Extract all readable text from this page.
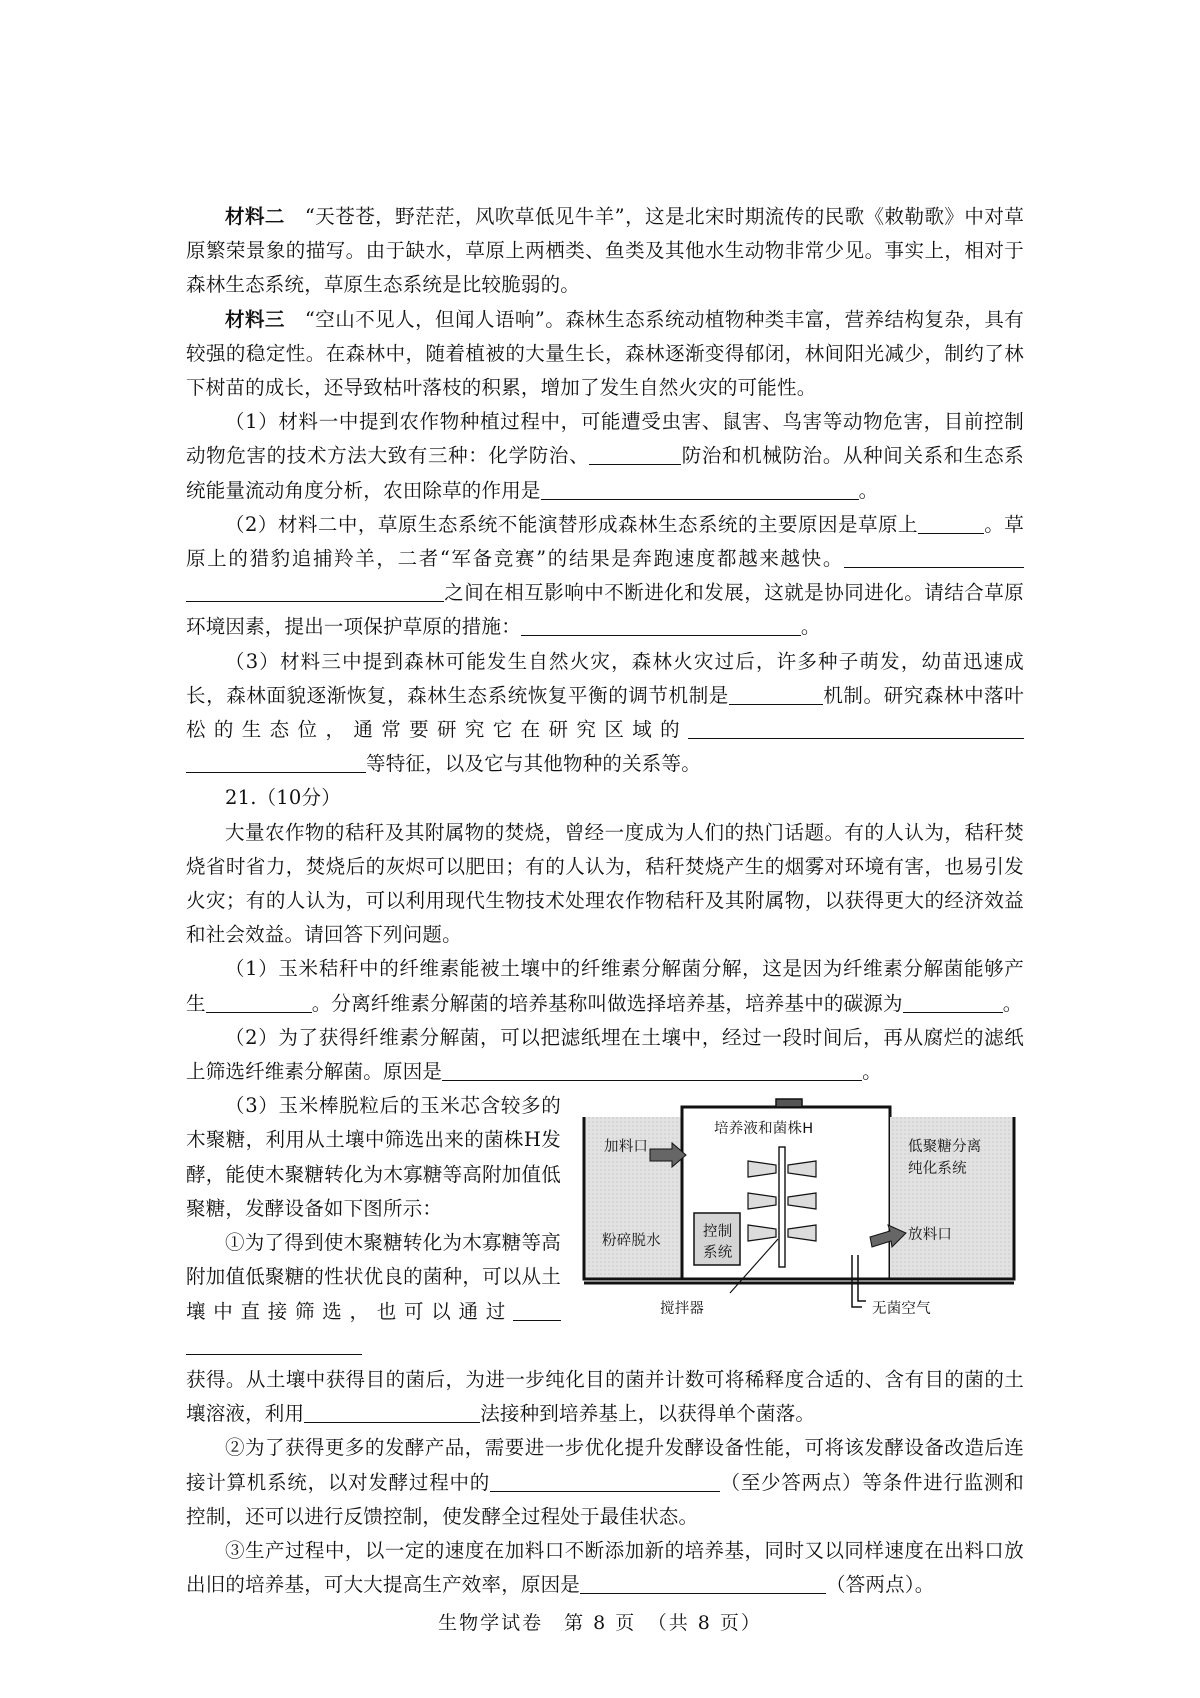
材料二　 “天苍苍，野茫茫，风吹草低见牛羊”，这是北宋时期流传的民歌《敕勒歌》中对草原繁荣景象的描写。由于缺水，草原上两栖类、鱼类及其他水生动物非常少见。事实上，相对于森林生态系统，草原生态系统是比较脆弱的。

材料三　 “空山不见人，但闻人语响”。森林生态系统动植物种类丰富，营养结构复杂，具有较强的稳定性。在森林中，随着植被的大量生长，森林逐渐变得郁闭，林间阳光减少，制约了林下树苗的成长，还导致枯叶落枝的积累，增加了发生自然火灾的可能性。

（1）材料一中提到农作物种植过程中，可能遭受虫害、鼠害、鸟害等动物危害，目前控制动物危害的技术方法大致有三种：化学防治、	防治和机械防治。从种间关系和生态系统能量流动角度分析，农田除草的作用是	。

（2）材料二中，草原生态系统不能演替形成森林生态系统的主要原因是草原上	。草原上的猎豹追捕羚羊，二者“军备竞赛”的结果是奔跑速度都越来越快。之间在相互影响中不断进化和发展，这就是协同进化。请结合草原环境因素，提出一项保护草原的措施：	。

（3）材料三中提到森林可能发生自然火灾，森林火灾过后，许多种子萌发，幼苗迅速成长，森林面貌逐渐恢复，森林生态系统恢复平衡的调节机制是	机制。研究森林中落叶松的生态位，通常要研究它在研究区域的等特征，以及它与其他物种的关系等。

21.（10分）

大量农作物的秸秆及其附属物的焚烧，曾经一度成为人们的热门话题。有的人认为，秸秆焚烧省时省力，焚烧后的灰烬可以肥田；有的人认为，秸秆焚烧产生的烟雾对环境有害，也易引发火灾；有的人认为，可以利用现代生物技术处理农作物秸秆及其附属物，以获得更大的经济效益和社会效益。请回答下列问题。

（1）玉米秸秆中的纤维素能被土壤中的纤维素分解菌分解，这是因为纤维素分解菌能够产生	。分离纤维素分解菌的培养基称叫做选择培养基，培养基中的碳源为	。

（2）为了获得纤维素分解菌，可以把滤纸埋在土壤中，经过一段时间后，再从腐烂的滤纸上筛选纤维素分解菌。原因是	。

（3）玉米棒脱粒后的玉米芯含较多的木聚糖，利用从土壤中筛选出来的菌株H发酵，能使木聚糖转化为木寡糖等高附加值低聚糖，发酵设备如下图所示：

①为了得到使木聚糖转化为木寡糖等高附加值低聚糖的性状优良的菌种，可以从土壤中直接筛选，也可以通过

加料口
粉碎脱水
培养液和菌株H
控制
系统
低聚糖分离
纯化系统
放料口
搅拌器	无菌空气

获得。从土壤中获得目的菌后，为进一步纯化目的菌并计数可将稀释度合适的、含有目的菌的土壤溶液，利用	法接种到培养基上，以获得单个菌落。

②为了获得更多的发酵产品，需要进一步优化提升发酵设备性能，可将该发酵设备改造后连接计算机系统，以对发酵过程中的	（至少答两点）等条件进行监测和控制，还可以进行反馈控制，使发酵全过程处于最佳状态。

③生产过程中，以一定的速度在加料口不断添加新的培养基，同时又以同样速度在出料口放出旧的培养基，可大大提高生产效率，原因是	（答两点）。

生物学试卷　第 8 页　（共 8 页）
